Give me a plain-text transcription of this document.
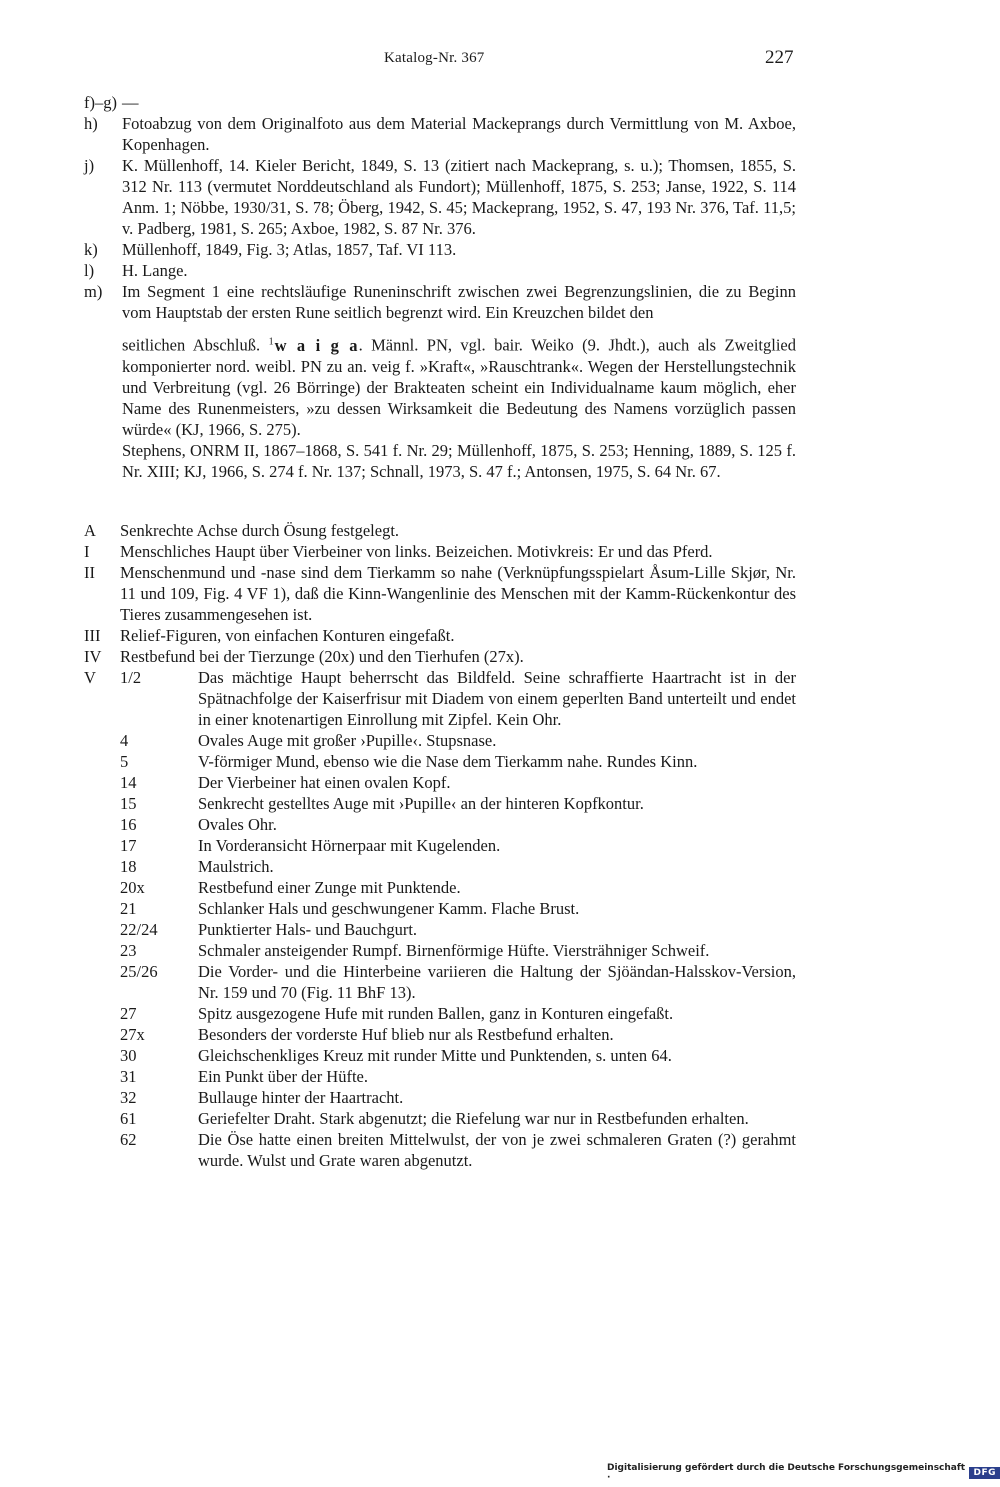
Katalog-Nr. 367	227
f)–g) —
h)	Fotoabzug von dem Originalfoto aus dem Material Mackeprangs durch Vermittlung von M. Axboe, Kopenhagen.
j)	K. Müllenhoff, 14. Kieler Bericht, 1849, S. 13 (zitiert nach Mackeprang, s. u.); Thomsen, 1855, S. 312 Nr. 113 (vermutet Norddeutschland als Fundort); Müllenhoff, 1875, S. 253; Janse, 1922, S. 114 Anm. 1; Nöbbe, 1930/31, S. 78; Öberg, 1942, S. 45; Mackeprang, 1952, S. 47, 193 Nr. 376, Taf. 11,5; v. Padberg, 1981, S. 265; Axboe, 1982, S. 87 Nr. 376.
k)	Müllenhoff, 1849, Fig. 3; Atlas, 1857, Taf. VI 113.
l)	H. Lange.
m)	Im Segment 1 eine rechtsläufige Runeninschrift zwischen zwei Begrenzungslinien, die zu Beginn vom Hauptstab der ersten Rune seitlich begrenzt wird. Ein Kreuzchen bildet den
seitlichen Abschluß. $^1$w a i g a. Männl. PN, vgl. bair. Weiko (9. Jhdt.), auch als Zweitglied komponierter nord. weibl. PN zu an. veig f. »Kraft«, »Rauschtrank«. Wegen der Herstellungstechnik und Verbreitung (vgl. 26 Börringe) der Brakteaten scheint ein Individualname kaum möglich, eher Name des Runenmeisters, »zu dessen Wirksamkeit die Bedeutung des Namens vorzüglich passen würde« (KJ, 1966, S. 275).
Stephens, ONRM II, 1867–1868, S. 541 f. Nr. 29; Müllenhoff, 1875, S. 253; Henning, 1889, S. 125 f. Nr. XIII; KJ, 1966, S. 274 f. Nr. 137; Schnall, 1973, S. 47 f.; Antonsen, 1975, S. 64 Nr. 67.
A	Senkrechte Achse durch Ösung festgelegt.
I	Menschliches Haupt über Vierbeiner von links. Beizeichen. Motivkreis: Er und das Pferd.
II	Menschenmund und -nase sind dem Tierkamm so nahe (Verknüpfungsspielart Åsum-Lille Skjør, Nr. 11 und 109, Fig. 4 VF 1), daß die Kinn-Wangenlinie des Menschen mit der Kamm-Rückenkontur des Tieres zusammengesehen ist.
III	Relief-Figuren, von einfachen Konturen eingefaßt.
IV	Restbefund bei der Tierzunge (20x) und den Tierhufen (27x).
V	1/2	Das mächtige Haupt beherrscht das Bildfeld. Seine schraffierte Haartracht ist in der Spätnachfolge der Kaiserfrisur mit Diadem von einem geperlten Band unterteilt und endet in einer knotenartigen Einrollung mit Zipfel. Kein Ohr.
4	Ovales Auge mit großer ›Pupille‹. Stupsnase.
5	V-förmiger Mund, ebenso wie die Nase dem Tierkamm nahe. Rundes Kinn.
14	Der Vierbeiner hat einen ovalen Kopf.
15	Senkrecht gestelltes Auge mit ›Pupille‹ an der hinteren Kopfkontur.
16	Ovales Ohr.
17	In Vorderansicht Hörnerpaar mit Kugelenden.
18	Maulstrich.
20x	Restbefund einer Zunge mit Punktende.
21	Schlanker Hals und geschwungener Kamm. Flache Brust.
22/24	Punktierter Hals- und Bauchgurt.
23	Schmaler ansteigender Rumpf. Birnenförmige Hüfte. Viersträhniger Schweif.
25/26	Die Vorder- und die Hinterbeine variieren die Haltung der Sjöändan-Halsskov-Version, Nr. 159 und 70 (Fig. 11 BhF 13).
27	Spitz ausgezogene Hufe mit runden Ballen, ganz in Konturen eingefaßt.
27x	Besonders der vorderste Huf blieb nur als Restbefund erhalten.
30	Gleichschenkliges Kreuz mit runder Mitte und Punktenden, s. unten 64.
31	Ein Punkt über der Hüfte.
32	Bullauge hinter der Haartracht.
61	Geriefelter Draht. Stark abgenutzt; die Riefelung war nur in Restbefunden erhalten.
62	Die Öse hatte einen breiten Mittelwulst, der von je zwei schmaleren Graten (?) gerahmt wurde. Wulst und Grate waren abgenutzt.
Digitalisierung gefördert durch die Deutsche Forschungsgemeinschaft ·	DFG
